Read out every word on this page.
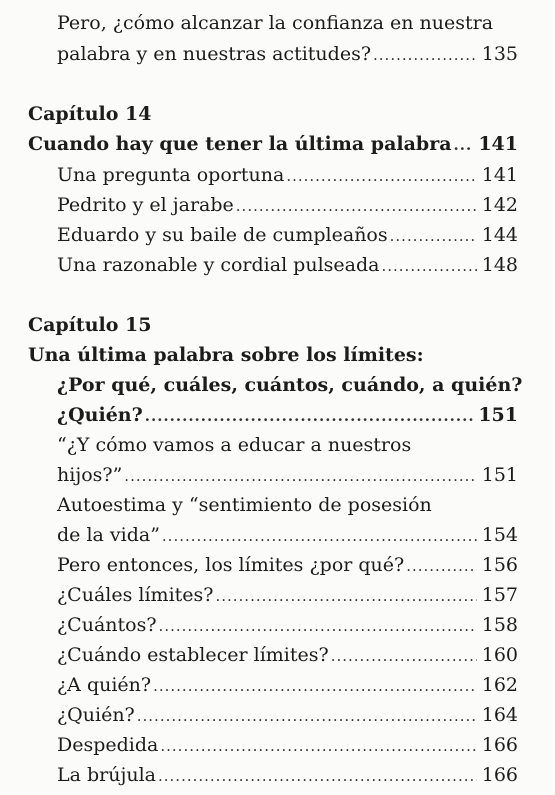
Pero, ¿cómo alcanzar la confianza en nuestra
palabra y en nuestras actitudes? .....	135
Capítulo 14
Cuando hay que tener la última palabra ..... 141
Una pregunta oportuna .....	141
Pedrito y el jarabe .....	142
Eduardo y su baile de cumpleaños .....	144
Una razonable y cordial pulseada .....	148
Capítulo 15
Una última palabra sobre los límites:
¿Por qué, cuáles, cuántos, cuándo, a quién?
¿Quién? .....	151
“¿Y cómo vamos a educar a nuestros
hijos?” .....	151
Autoestima y “sentimiento de posesión
de la vida” .....	154
Pero entonces, los límites ¿por qué? .....	156
¿Cuáles límites? .....	157
¿Cuántos? .....	158
¿Cuándo establecer límites? .....	160
¿A quién? .....	162
¿Quién? .....	164
Despedida .....	166
La brújula .....	166
